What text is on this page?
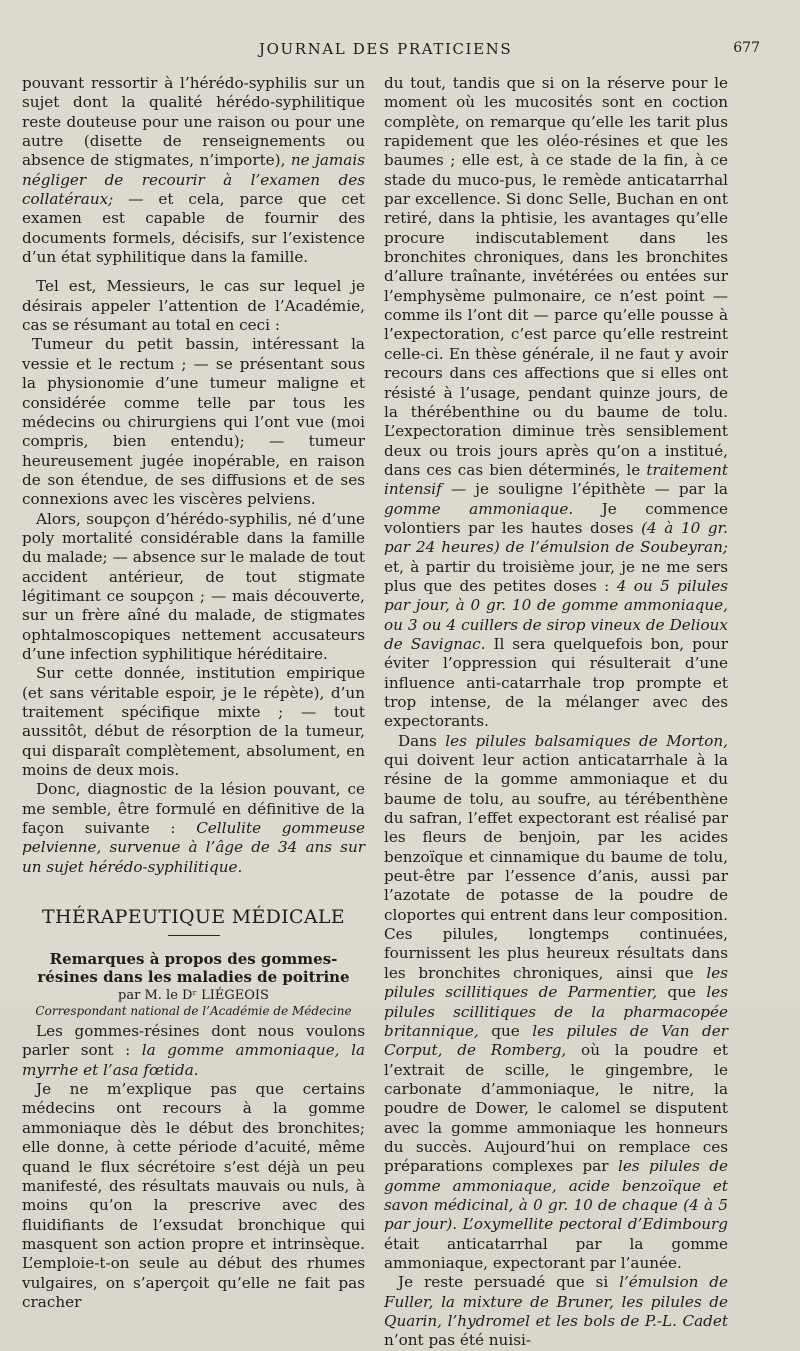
JOURNAL DES PRATICIENS	677

pouvant ressortir à l’hérédo-syphilis sur un sujet dont la qualité hérédo-syphilitique reste douteuse pour une raison ou pour une autre (disette de renseignements ou absence de stigmates, n’importe), ne jamais négliger de recourir à l’examen des collatéraux; — et cela, parce que cet examen est capable de fournir des documents formels, décisifs, sur l’existence d’un état syphilitique dans la famille.

Tel est, Messieurs, le cas sur lequel je désirais appeler l’attention de l’Académie, cas se résumant au total en ceci :

Tumeur du petit bassin, intéressant la vessie et le rectum ; — se présentant sous la physionomie d’une tumeur maligne et considérée comme telle par tous les médecins ou chirurgiens qui l’ont vue (moi compris, bien entendu); — tumeur heureusement jugée inopérable, en raison de son étendue, de ses diffusions et de ses connexions avec les viscères pelviens.

Alors, soupçon d’hérédo-syphilis, né d’une poly mortalité considérable dans la famille du malade; — absence sur le malade de tout accident antérieur, de tout stigmate légitimant ce soupçon ; — mais découverte, sur un frère aîné du malade, de stigmates ophtalmoscopiques nettement accusateurs d’une infection syphilitique héréditaire.

Sur cette donnée, institution empirique (et sans véritable espoir, je le répète), d’un traitement spécifique mixte ; — tout aussitôt, début de résorption de la tumeur, qui disparaît complètement, absolument, en moins de deux mois.

Donc, diagnostic de la lésion pouvant, ce me semble, être formulé en définitive de la façon suivante : Cellulite gommeuse pelvienne, survenue à l’âge de 34 ans sur un sujet hérédo-syphilitique.

THÉRAPEUTIQUE MÉDICALE
Remarques à propos des gommes-résines dans les maladies de poitrine
par M. le Dʳ LIÉGEOIS
Correspondant national de l’Académie de Médecine

Les gommes-résines dont nous voulons parler sont : la gomme ammoniaque, la myrrhe et l’asa fœtida.

Je ne m’explique pas que certains médecins ont recours à la gomme ammoniaque dès le début des bronchites; elle donne, à cette période d’acuité, même quand le flux sécrétoire s’est déjà un peu manifesté, des résultats mauvais ou nuls, à moins qu’on la prescrive avec des fluidifiants de l’exsudat bronchique qui masquent son action propre et intrinsèque. L’emploie-t-on seule au début des rhumes vulgaires, on s’aperçoit qu’elle ne fait pas cracher

du tout, tandis que si on la réserve pour le moment où les mucosités sont en coction complète, on remarque qu’elle les tarit plus rapidement que les oléo-résines et que les baumes ; elle est, à ce stade de la fin, à ce stade du muco-pus, le remède anticatarrhal par excellence. Si donc Selle, Buchan en ont retiré, dans la phtisie, les avantages qu’elle procure indiscutablement dans les bronchites chroniques, dans les bronchites d’allure traînante, invétérées ou entées sur l’emphysème pulmonaire, ce n’est point — comme ils l’ont dit — parce qu’elle pousse à l’expectoration, c’est parce qu’elle restreint celle-ci. En thèse générale, il ne faut y avoir recours dans ces affections que si elles ont résisté à l’usage, pendant quinze jours, de la thérébenthine ou du baume de tolu. L’expectoration diminue très sensiblement deux ou trois jours après qu’on a institué, dans ces cas bien déterminés, le traitement intensif — je souligne l’épithète — par la gomme ammoniaque. Je commence volontiers par les hautes doses (4 à 10 gr. par 24 heures) de l’émulsion de Soubeyran; et, à partir du troisième jour, je ne me sers plus que des petites doses : 4 ou 5 pilules par jour, à 0 gr. 10 de gomme ammoniaque, ou 3 ou 4 cuillers de sirop vineux de Delioux de Savignac. Il sera quelquefois bon, pour éviter l’oppression qui résulterait d’une influence anti-catarrhale trop prompte et trop intense, de la mélanger avec des expectorants.

Dans les pilules balsamiques de Morton, qui doivent leur action anticatarrhale à la résine de la gomme ammoniaque et du baume de tolu, au soufre, au térébenthène du safran, l’effet expectorant est réalisé par les fleurs de benjoin, par les acides benzoïque et cinnamique du baume de tolu, peut-être par l’essence d’anis, aussi par l’azotate de potasse de la poudre de cloportes qui entrent dans leur composition. Ces pilules, longtemps continuées, fournissent les plus heureux résultats dans les bronchites chroniques, ainsi que les pilules scillitiques de Parmentier, que les pilules scillitiques de la pharmacopée britannique, que les pilules de Van der Corput, de Romberg, où la poudre et l’extrait de scille, le gingembre, le carbonate d’ammoniaque, le nitre, la poudre de Dower, le calomel se disputent avec la gomme ammoniaque les honneurs du succès. Aujourd’hui on remplace ces préparations complexes par les pilules de gomme ammoniaque, acide benzoïque et savon médicinal, à 0 gr. 10 de chaque (4 à 5 par jour). L’oxymellite pectoral d’Edimbourg était anticatarrhal par la gomme ammoniaque, expectorant par l’aunée.

Je reste persuadé que si l’émulsion de Fuller, la mixture de Bruner, les pilules de Quarin, l’hydromel et les bols de P.-L. Cadet n’ont pas été nuisi-
